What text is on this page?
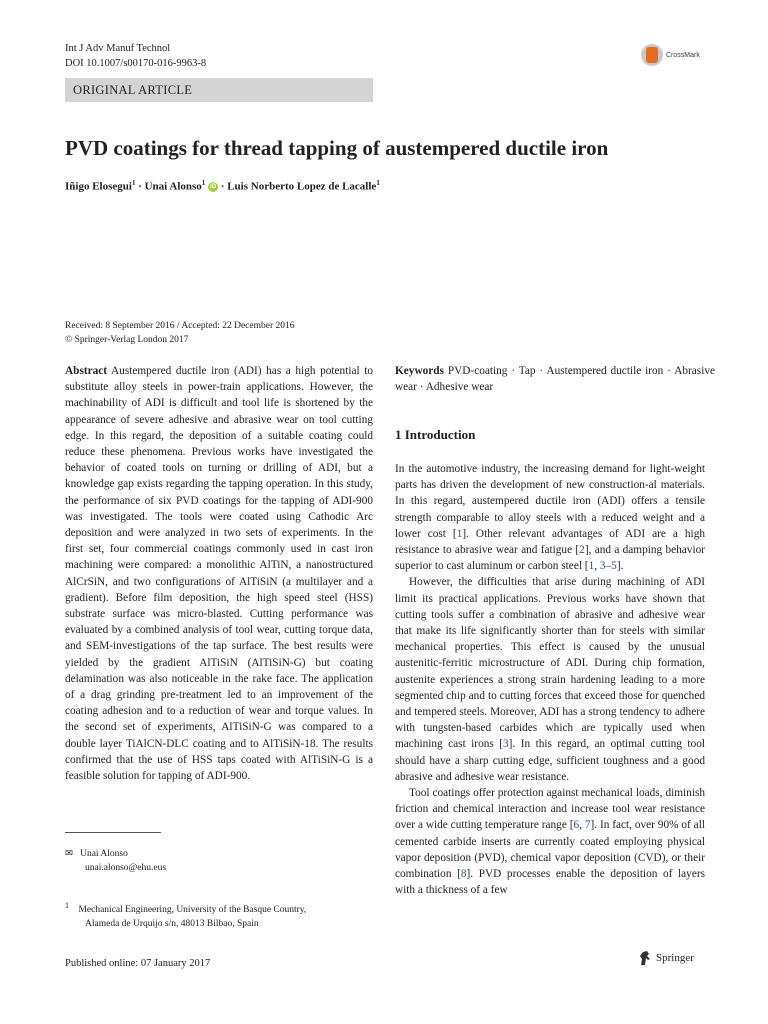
Int J Adv Manuf Technol
DOI 10.1007/s00170-016-9963-8
CrossMark
ORIGINAL ARTICLE
PVD coatings for thread tapping of austempered ductile iron
Iñigo Elosegui$^1$ · Unai Alonso$^1$ iD · Luis Norberto Lopez de Lacalle$^1$
Received: 8 September 2016 / Accepted: 22 December 2016
© Springer-Verlag London 2017
Abstract Austempered ductile iron (ADI) has a high potential to substitute alloy steels in power-train applications. However, the machinability of ADI is difficult and tool life is shortened by the appearance of severe adhesive and abrasive wear on tool cutting edge. In this regard, the deposition of a suitable coating could reduce these phenomena. Previous works have investigated the behavior of coated tools on turning or drilling of ADI, but a knowledge gap exists regarding the tapping operation. In this study, the performance of six PVD coatings for the tapping of ADI-900 was investigated. The tools were coated using Cathodic Arc deposition and were analyzed in two sets of experiments. In the first set, four commercial coatings commonly used in cast iron machining were compared: a monolithic AlTiN, a nanostructured AlCrSiN, and two configurations of AlTiSiN (a multilayer and a gradient). Before film deposition, the high speed steel (HSS) substrate surface was micro-blasted. Cutting performance was evaluated by a combined analysis of tool wear, cutting torque data, and SEM-investigations of the tap surface. The best results were yielded by the gradient AlTiSiN (AlTiSiN-G) but coating delamination was also noticeable in the rake face. The application of a drag grinding pre-treatment led to an improvement of the coating adhesion and to a reduction of wear and torque values. In the second set of experiments, AlTiSiN-G was compared to a double layer TiAlCN-DLC coating and to AlTiSiN-18. The results confirmed that the use of HSS taps coated with AlTiSiN-G is a feasible solution for tapping of ADI-900.
Keywords PVD-coating · Tap · Austempered ductile iron · Abrasive wear · Adhesive wear
1 Introduction

In the automotive industry, the increasing demand for light-weight parts has driven the development of new construction-al materials. In this regard, austempered ductile iron (ADI) offers a tensile strength comparable to alloy steels with a reduced weight and a lower cost [1]. Other relevant advantages of ADI are a high resistance to abrasive wear and fatigue [2], and a damping behavior superior to cast aluminum or carbon steel [1, 3–5].

However, the difficulties that arise during machining of ADI limit its practical applications. Previous works have shown that cutting tools suffer a combination of abrasive and adhesive wear that make its life significantly shorter than for steels with similar mechanical properties. This effect is caused by the unusual austenitic-ferritic microstructure of ADI. During chip formation, austenite experiences a strong strain hardening leading to a more segmented chip and to cutting forces that exceed those for quenched and tempered steels. Moreover, ADI has a strong tendency to adhere with tungsten-based carbides which are typically used when machining cast irons [3]. In this regard, an optimal cutting tool should have a sharp cutting edge, sufficient toughness and a good abrasive and adhesive wear resistance.

Tool coatings offer protection against mechanical loads, diminish friction and chemical interaction and increase tool wear resistance over a wide cutting temperature range [6, 7]. In fact, over 90% of all cemented carbide inserts are currently coated employing physical vapor deposition (PVD), chemical vapor deposition (CVD), or their combination [8]. PVD processes enable the deposition of layers with a thickness of a few

✉   Unai Alonso
unai.alonso@ehu.eus
$^1$ Mechanical Engineering, University of the Basque Country,
Alameda de Urquijo s/n, 48013 Bilbao, Spain
Published online: 07 January 2017	Springer
